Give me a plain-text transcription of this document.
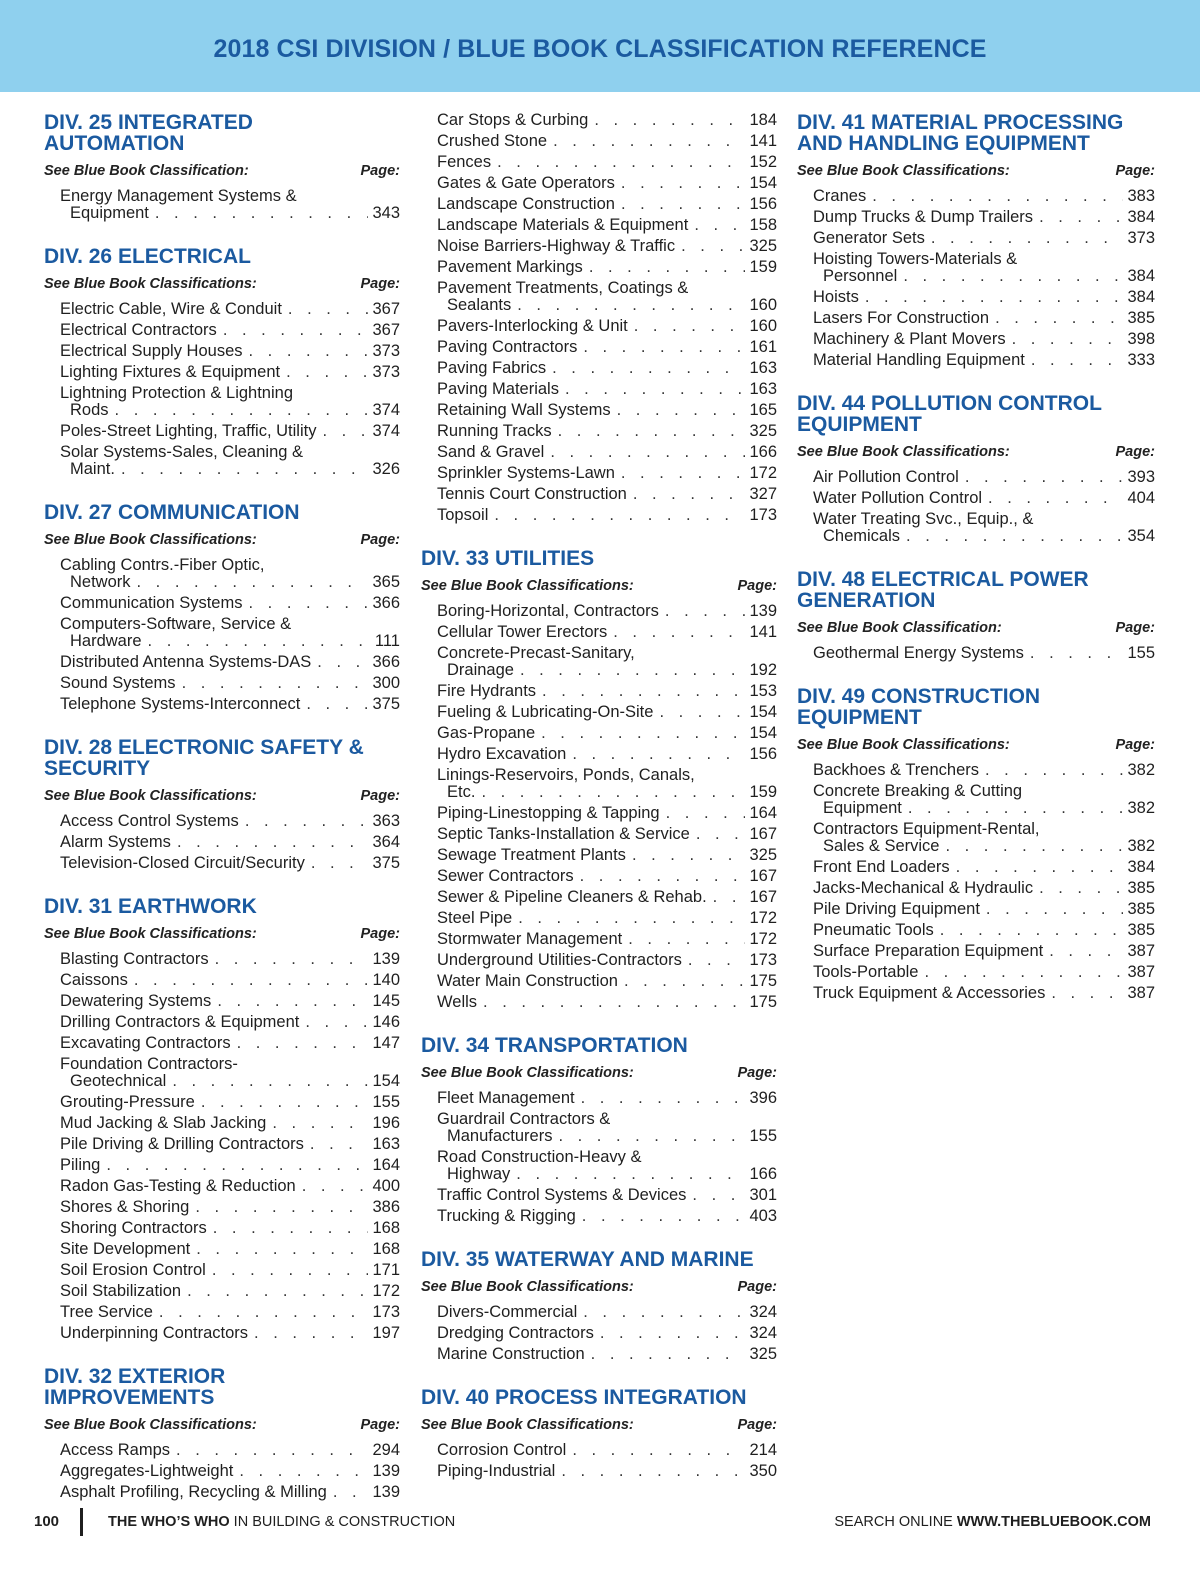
2018 CSI DIVISION / BLUE BOOK CLASSIFICATION REFERENCE
DIV. 25 INTEGRATED
AUTOMATION
See Blue Book Classification:	Page:
Energy Management Systems &
Equipment . . .	343
DIV. 26 ELECTRICAL
See Blue Book Classifications:	Page:
Electric Cable, Wire & Conduit . . .	367
Electrical Contractors . . .	367
Electrical Supply Houses . . .	373
Lighting Fixtures & Equipment . . .	373
Lightning Protection & Lightning
Rods . . .	374
Poles-Street Lighting, Traffic, Utility . . .	374
Solar Systems-Sales, Cleaning &
Maint. . . .	326
DIV. 27 COMMUNICATION
See Blue Book Classifications:	Page:
Cabling Contrs.-Fiber Optic,
Network . . .	365
Communication Systems . . .	366
Computers-Software, Service &
Hardware . . .	111
Distributed Antenna Systems-DAS . . .	366
Sound Systems . . .	300
Telephone Systems-Interconnect . . .	375
DIV. 28 ELECTRONIC SAFETY &
SECURITY
See Blue Book Classifications:	Page:
Access Control Systems . . .	363
Alarm Systems . . .	364
Television-Closed Circuit/Security . . .	375
DIV. 31 EARTHWORK
See Blue Book Classifications:	Page:
Blasting Contractors . . .	139
Caissons . . .	140
Dewatering Systems . . .	145
Drilling Contractors & Equipment . . .	146
Excavating Contractors . . .	147
Foundation Contractors-
Geotechnical . . .	154
Grouting-Pressure . . .	155
Mud Jacking & Slab Jacking . . .	196
Pile Driving & Drilling Contractors . . .	163
Piling . . .	164
Radon Gas-Testing & Reduction . . .	400
Shores & Shoring . . .	386
Shoring Contractors . . .	168
Site Development . . .	168
Soil Erosion Control . . .	171
Soil Stabilization . . .	172
Tree Service . . .	173
Underpinning Contractors . . .	197
DIV. 32 EXTERIOR IMPROVEMENTS
See Blue Book Classifications:	Page:
Access Ramps . . .	294
Aggregates-Lightweight . . .	139
Asphalt Profiling, Recycling & Milling . . .	139
Car Stops & Curbing . . .	184
Crushed Stone . . .	141
Fences . . .	152
Gates & Gate Operators . . .	154
Landscape Construction . . .	156
Landscape Materials & Equipment . . .	158
Noise Barriers-Highway & Traffic . . .	325
Pavement Markings . . .	159
Pavement Treatments, Coatings &
Sealants . . .	160
Pavers-Interlocking & Unit . . .	160
Paving Contractors . . .	161
Paving Fabrics . . .	163
Paving Materials . . .	163
Retaining Wall Systems . . .	165
Running Tracks . . .	325
Sand & Gravel . . .	166
Sprinkler Systems-Lawn . . .	172
Tennis Court Construction . . .	327
Topsoil . . .	173
DIV. 33 UTILITIES
See Blue Book Classifications:	Page:
Boring-Horizontal, Contractors . . .	139
Cellular Tower Erectors . . .	141
Concrete-Precast-Sanitary,
Drainage . . .	192
Fire Hydrants . . .	153
Fueling & Lubricating-On-Site . . .	154
Gas-Propane . . .	154
Hydro Excavation . . .	156
Linings-Reservoirs, Ponds, Canals,
Etc. . . .	159
Piping-Linestopping & Tapping . . .	164
Septic Tanks-Installation & Service . . .	167
Sewage Treatment Plants . . .	325
Sewer Contractors . . .	167
Sewer & Pipeline Cleaners & Rehab. . . .	167
Steel Pipe . . .	172
Stormwater Management . . .	172
Underground Utilities-Contractors . . .	173
Water Main Construction . . .	175
Wells . . .	175
DIV. 34 TRANSPORTATION
See Blue Book Classifications:	Page:
Fleet Management . . .	396
Guardrail Contractors &
Manufacturers . . .	155
Road Construction-Heavy &
Highway . . .	166
Traffic Control Systems & Devices . . .	301
Trucking & Rigging . . .	403
DIV. 35 WATERWAY AND MARINE
See Blue Book Classifications:	Page:
Divers-Commercial . . .	324
Dredging Contractors . . .	324
Marine Construction . . .	325
DIV. 40 PROCESS INTEGRATION
See Blue Book Classifications:	Page:
Corrosion Control . . .	214
Piping-Industrial . . .	350
DIV. 41 MATERIAL PROCESSING
AND HANDLING EQUIPMENT
See Blue Book Classifications:	Page:
Cranes . . .	383
Dump Trucks & Dump Trailers . . .	384
Generator Sets . . .	373
Hoisting Towers-Materials &
Personnel . . .	384
Hoists . . .	384
Lasers For Construction . . .	385
Machinery & Plant Movers . . .	398
Material Handling Equipment . . .	333
DIV. 44 POLLUTION CONTROL
EQUIPMENT
See Blue Book Classifications:	Page:
Air Pollution Control . . .	393
Water Pollution Control . . .	404
Water Treating Svc., Equip., &
Chemicals . . .	354
DIV. 48 ELECTRICAL POWER
GENERATION
See Blue Book Classification:	Page:
Geothermal Energy Systems . . .	155
DIV. 49 CONSTRUCTION
EQUIPMENT
See Blue Book Classifications:	Page:
Backhoes & Trenchers . . .	382
Concrete Breaking & Cutting
Equipment . . .	382
Contractors Equipment-Rental,
Sales & Service . . .	382
Front End Loaders . . .	384
Jacks-Mechanical & Hydraulic . . .	385
Pile Driving Equipment . . .	385
Pneumatic Tools . . .	385
Surface Preparation Equipment . . .	387
Tools-Portable . . .	387
Truck Equipment & Accessories . . .	387
100	THE WHO’S WHO IN BUILDING & CONSTRUCTION	SEARCH ONLINE WWW.THEBLUEBOOK.COM
